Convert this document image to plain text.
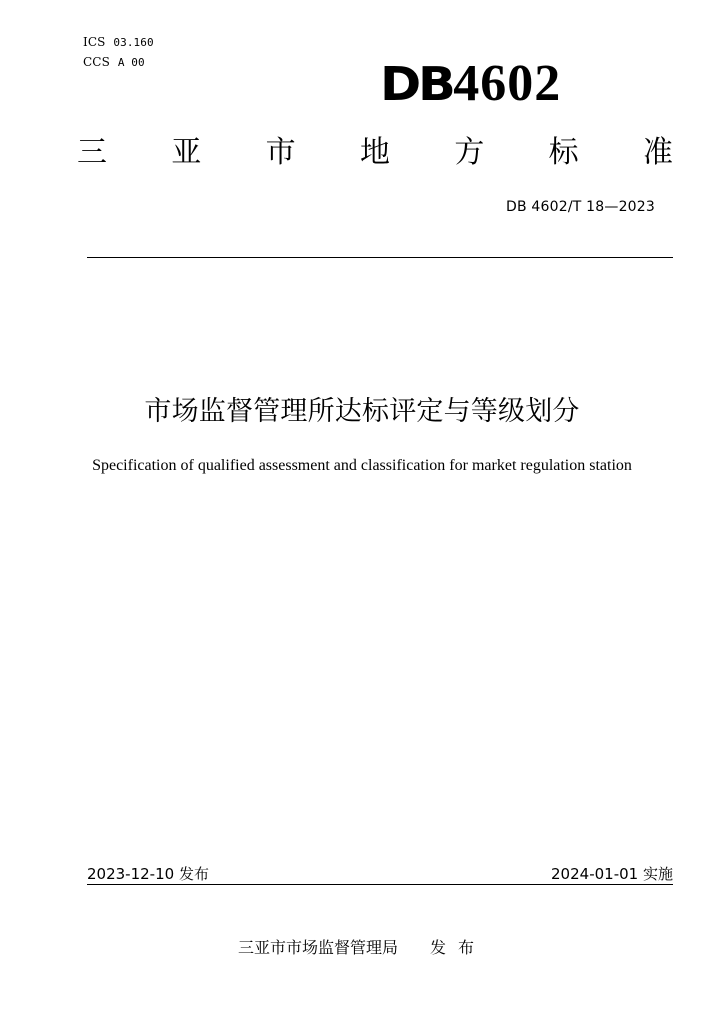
ICS 03.160
CCS A 00	DB4602
三 亚 市 地 方 标 准
DB 4602/T 18—2023
市场监督管理所达标评定与等级划分
Specification of qualified assessment and classification for market regulation station
2023-12-10 发布	2024-01-01 实施
三亚市市场监督管理局 发布
